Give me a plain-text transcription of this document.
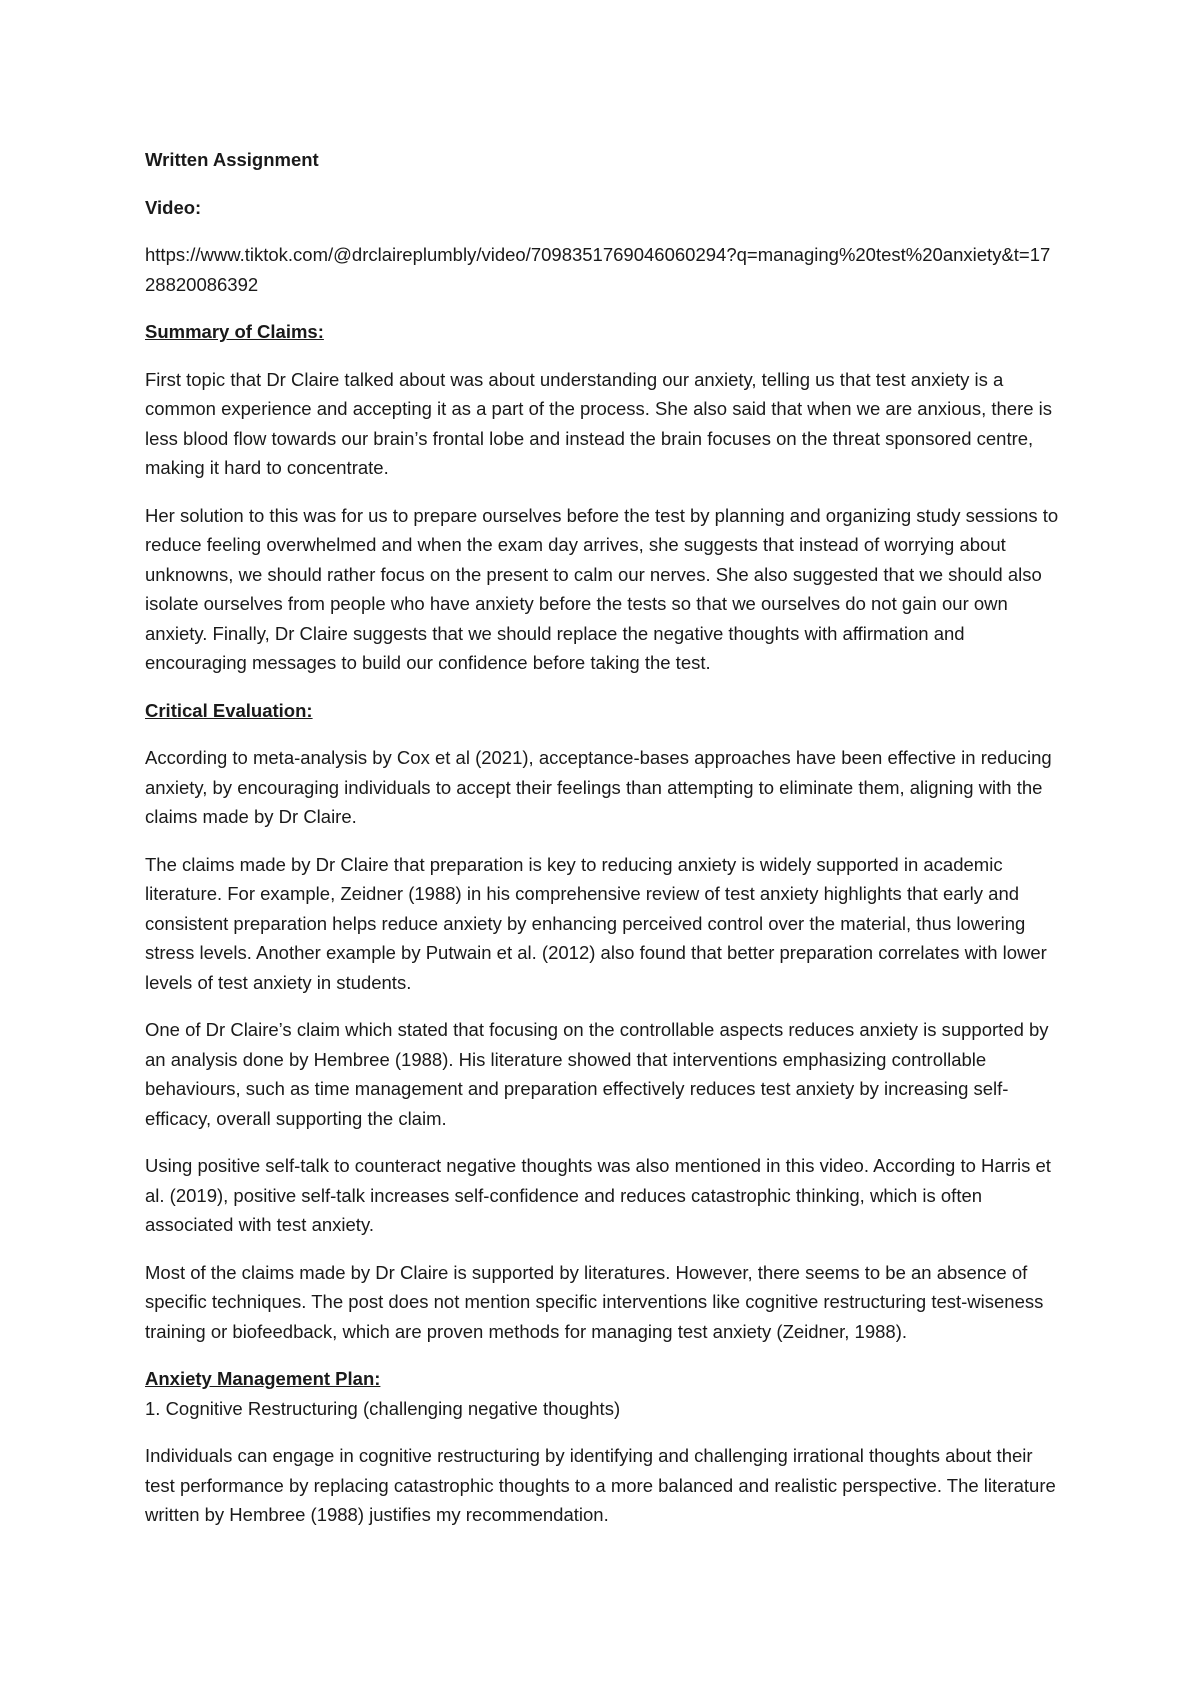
Written Assignment
Video:
https://www.tiktok.com/@drclaireplumbly/video/7098351769046060294?q=managing%20test%20anxiety&t=1728820086392
Summary of Claims:

First topic that Dr Claire talked about was about understanding our anxiety, telling us that test anxiety is a common experience and accepting it as a part of the process. She also said that when we are anxious, there is less blood flow towards our brain’s frontal lobe and instead the brain focuses on the threat sponsored centre, making it hard to concentrate.

Her solution to this was for us to prepare ourselves before the test by planning and organizing study sessions to reduce feeling overwhelmed and when the exam day arrives, she suggests that instead of worrying about unknowns, we should rather focus on the present to calm our nerves. She also suggested that we should also isolate ourselves from people who have anxiety before the tests so that we ourselves do not gain our own anxiety. Finally, Dr Claire suggests that we should replace the negative thoughts with affirmation and encouraging messages to build our confidence before taking the test.

Critical Evaluation:

According to meta-analysis by Cox et al (2021), acceptance-bases approaches have been effective in reducing anxiety, by encouraging individuals to accept their feelings than attempting to eliminate them, aligning with the claims made by Dr Claire.

The claims made by Dr Claire that preparation is key to reducing anxiety is widely supported in academic literature. For example, Zeidner (1988) in his comprehensive review of test anxiety highlights that early and consistent preparation helps reduce anxiety by enhancing perceived control over the material, thus lowering stress levels. Another example by Putwain et al. (2012) also found that better preparation correlates with lower levels of test anxiety in students.

One of Dr Claire’s claim which stated that focusing on the controllable aspects reduces anxiety is supported by an analysis done by Hembree (1988). His literature showed that interventions emphasizing controllable behaviours, such as time management and preparation effectively reduces test anxiety by increasing self-efficacy, overall supporting the claim.

Using positive self-talk to counteract negative thoughts was also mentioned in this video. According to Harris et al. (2019), positive self-talk increases self-confidence and reduces catastrophic thinking, which is often associated with test anxiety.

Most of the claims made by Dr Claire is supported by literatures. However, there seems to be an absence of specific techniques. The post does not mention specific interventions like cognitive restructuring test-wiseness training or biofeedback, which are proven methods for managing test anxiety (Zeidner, 1988).

Anxiety Management Plan:
1. Cognitive Restructuring (challenging negative thoughts)

Individuals can engage in cognitive restructuring by identifying and challenging irrational thoughts about their test performance by replacing catastrophic thoughts to a more balanced and realistic perspective. The literature written by Hembree (1988) justifies my recommendation.
